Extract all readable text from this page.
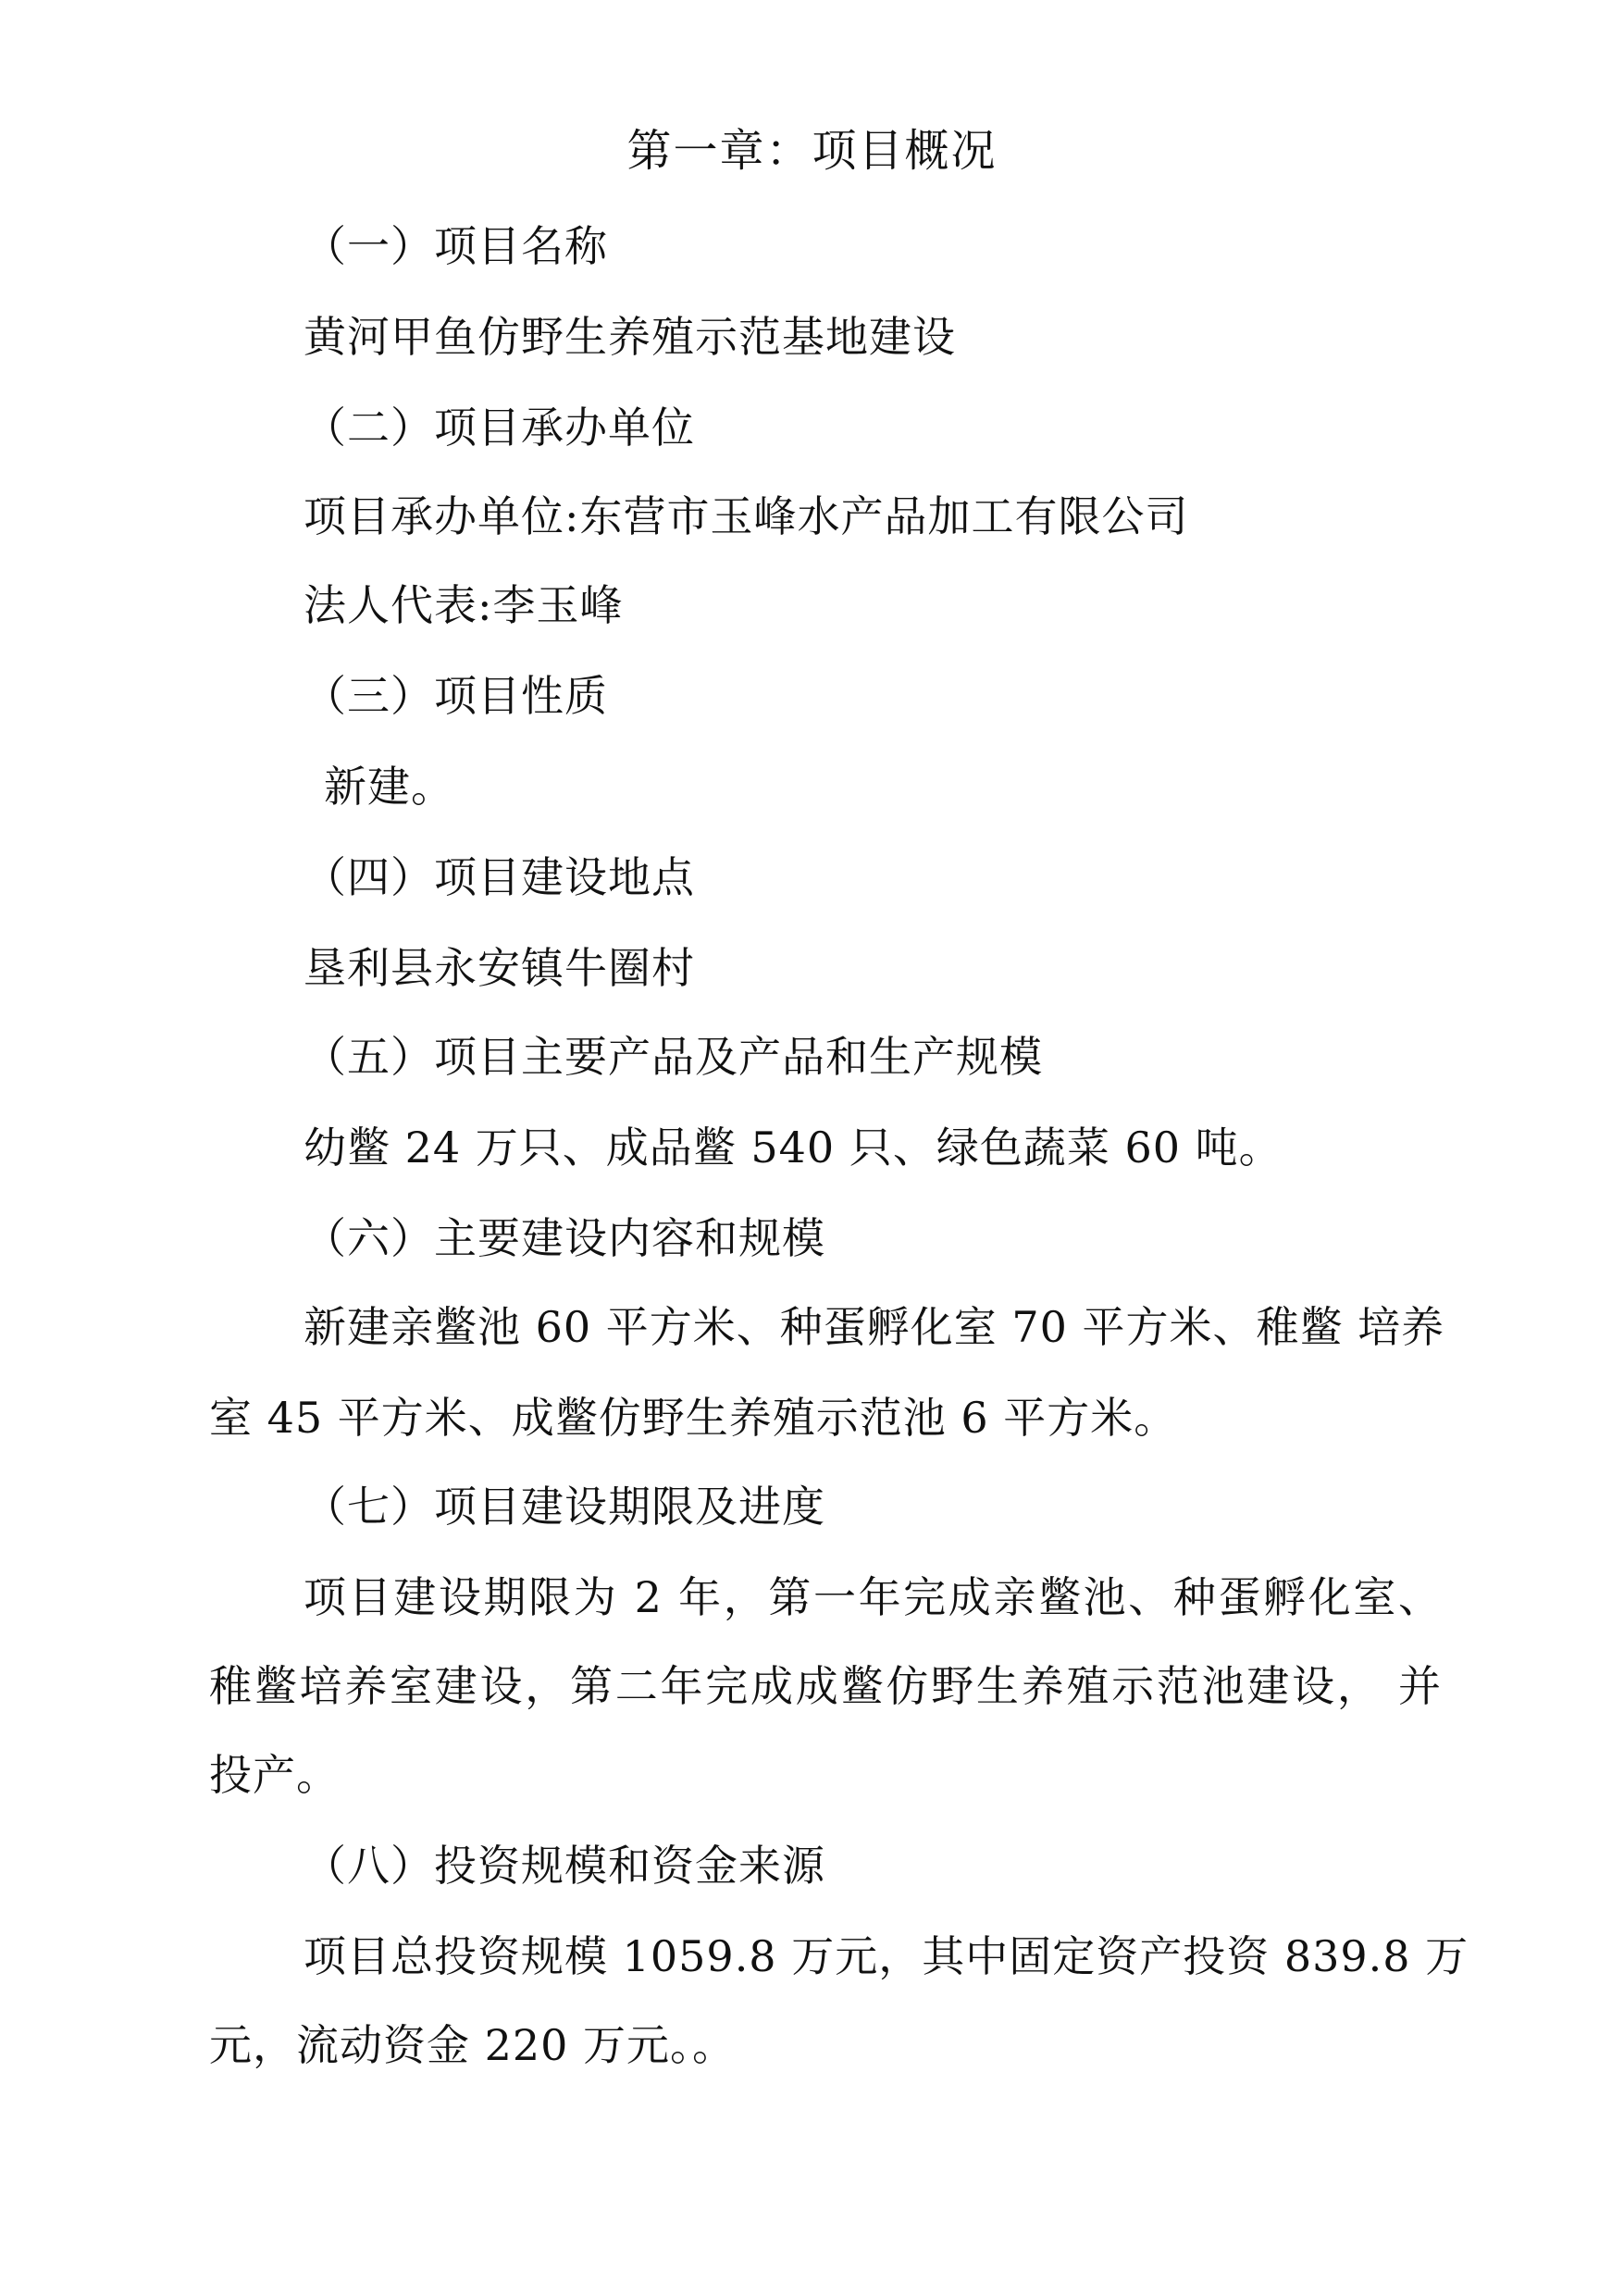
第一章：项目概况

（一）项目名称

黄河甲鱼仿野生养殖示范基地建设

（二）项目承办单位

项目承办单位:东营市玉峰水产品加工有限公司

法人代表:李玉峰

（三）项目性质

新建。

（四）项目建设地点

垦利县永安镇牛圈村

（五）项目主要产品及产品和生产规模

幼鳖 24 万只、成品鳖 540 只、绿色蔬菜 60 吨。

（六）主要建设内容和规模

新建亲鳖池 60 平方米、种蛋孵化室 70 平方米、稚鳖 培养

室 45 平方米、成鳖仿野生养殖示范池 6 平方米。

（七）项目建设期限及进度

项目建设期限为 2 年，第一年完成亲鳖池、种蛋孵化室、

稚鳖培养室建设，第二年完成成鳖仿野生养殖示范池建设， 并

投产。

（八）投资规模和资金来源

项目总投资规模 1059.8 万元，其中固定资产投资 839.8 万

元，流动资金 220 万元。。
